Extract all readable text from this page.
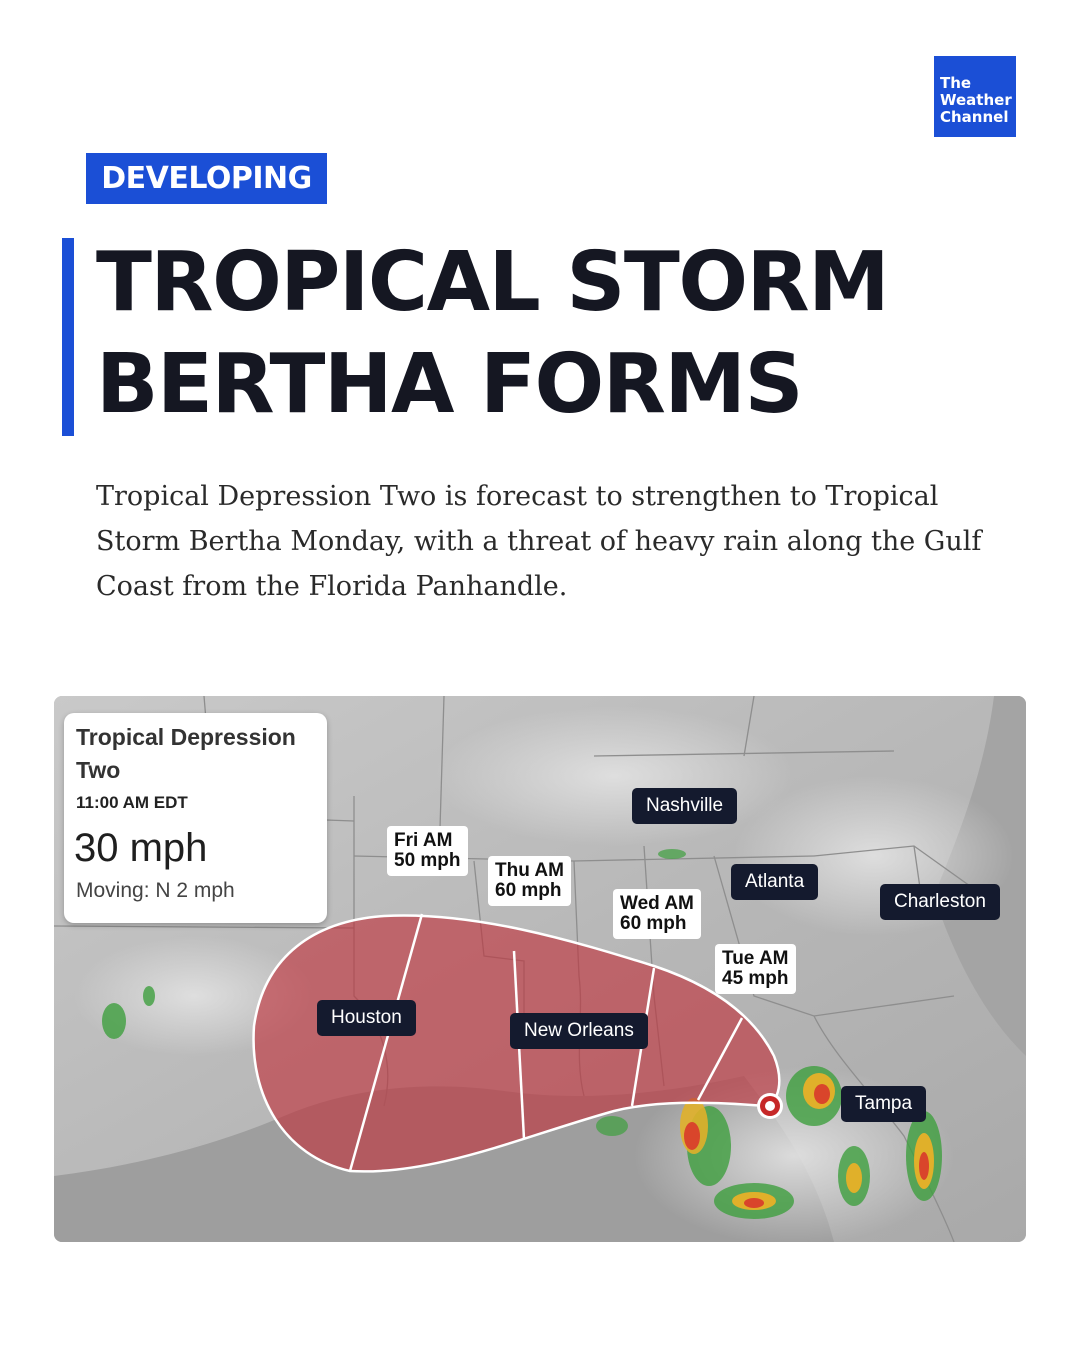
The
Weather
Channel
DEVELOPING
TROPICAL STORM
BERTHA FORMS

Tropical Depression Two is forecast to strengthen to Tropical Storm Bertha Monday, with a threat of heavy rain along the Gulf Coast from the Florida Panhandle.

Tropical Depression Two
11:00 AM EDT
30 mph
Moving: N 2 mph
Nashville
Atlanta
Charleston
Houston
New Orleans
Tampa
Fri AM
50 mph Thu AM
60 mph
Wed AM
60 mph
Tue AM
45 mph
